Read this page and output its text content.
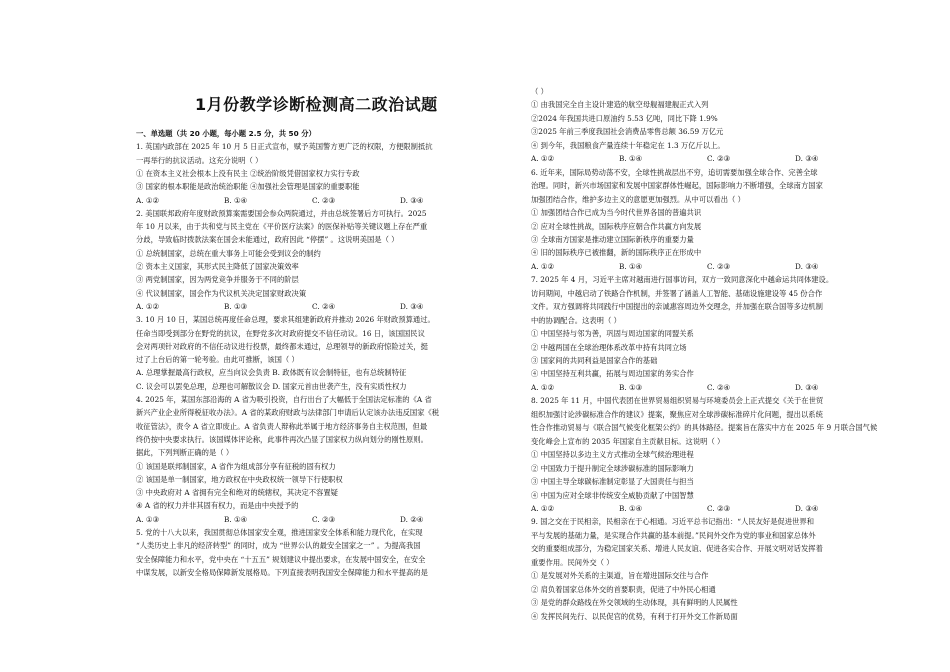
1月份教学诊断检测高二政治试题
一、单选题（共 20 小题，每小题 2.5 分，共 50 分）
1. 英国内政部在 2025 年 10 月 5 日正式宣布，赋予英国警方更广泛的权限，方便限制抵抗
一再举行的抗议活动。这充分说明（ ）
① 在资本主义社会根本上没有民主 ②统治阶级凭借国家权力实行专政
③ 国家的根本职能是政治统治职能 ④加强社会管理是国家的重要职能
A. ①②	B. ①④	C. ②③	D. ③④
2. 美国联邦政府年度财政预算案需要国会参众两院通过，并由总统签署后方可执行。2025
年 10 月以来，由于共和党与民主党在《平价医疗法案》的医保补贴等关键议题上存在严重
分歧，导致临时拨款法案在国会未能通过，政府因此 “停摆” 。这说明美国是（ ）
① 总统制国家，总统在重大事务上可能会受到议会的制约
② 资本主义国家，其形式民主降低了国家决策效率
③ 两党制国家，因为两党竞争并服务于不同的阶层
④ 代议制国家，国会作为代议机关决定国家财政决策
A. ①②	B. ①③	C. ②④	D. ③④
3. 10 月 10 日，某国总统再度任命总理，要求其组建新政府并推动 2026 年财政预算通过。
任命当即受到部分在野党的抗议，在野党多次对政府提交不信任动议。16 日，该国国民议
会对两项针对政府的不信任动议进行投票，最终都未通过，总理领导的新政府惊险过关，挺
过了上台后的第一轮考验。由此可推断，该国（ ）
A. 总理掌握最高行政权，应当向议会负责 B. 政体既有议会制特征，也有总统制特征
C. 议会可以罢免总理，总理也可解散议会 D. 国家元首由世袭产生，没有实质性权力
4. 2025 年，某国东部沿海的 A 省为吸引投资，自行出台了大幅低于全国法定标准的《A 省
新兴产业企业所得税征收办法》。A 省的某政府财政与法律部门申请后认定该办法违反国家《税
收征管法》，责令 A 省立即废止。A 省负责人辩称此举属于地方经济事务自主权范围，但最
终仍按中央要求执行。该国媒体评论称，此事件再次凸显了国家权力纵向划分的刚性原则。
据此，下列判断正确的是（ ）
① 该国是联邦制国家，A 省作为组成部分享有征税的固有权力
② 该国是单一制国家，地方政权在中央政权统一领导下行使职权
③ 中央政府对 A 省拥有完全和绝对的统辖权，其决定不容置疑
④ A 省的权力并非其固有权力，而是由中央授予的
A. ①③	B. ①④	C. ②③	D. ②④
5. 党的十八大以来，我国贯彻总体国家安全观，推进国家安全体系和能力现代化，在实现
“人类历史上非凡的经济转型” 的同时，成为 “世界公认的最安全国家之一” 。为提高我国
安全保障能力和水平，党中央在 “十五五” 规划建议中提出要求，在发展中国安全，在安全
中谋发展，以新安全格局保障新发展格局。下列直接表明我国安全保障能力和水平提高的是
（ ）
① 由我国完全自主设计建造的航空母舰福建舰正式入列
②2024 年我国共进口原油约 5.53 亿吨，同比下降 1.9%
③2025 年前三季度我国社会消费品零售总额 36.59 万亿元
④ 到今年，我国粮食产量连续十年稳定在 1.3 万亿斤以上。
A. ①②	B. ①④	C. ②③	D. ③④
6. 近年来，国际局势动荡不安，全球性挑战层出不穷，追切需要加强全球合作、完善全球
治理。同时，新兴市场国家和发展中国家群体性崛起，国际影响力不断增强，全球南方国家
加强团结合作，维护多边主义的意愿更加强烈。从中可以看出（ ）
① 加强团结合作已成为当今时代世界各国的普遍共识
② 应对全球性挑战，国际秩序应朝合作共赢方向发展
③ 全球南方国家是推动建立国际新秩序的重要力量
④ 旧的国际秩序已被推翻，新的国际秩序正在形成中
A. ①②	B. ①④	C. ②③	D. ③④
7. 2025 年 4 月，习近平主席对越南进行国事访问，双方一致同意深化中越命运共同体建设。
访问期间，中越启动了铁路合作机制，并签署了涵盖人工智能、基础设施建设等 45 份合作
文件。双方强调将共同践行中国提出的亲诚惠容周边外交理念，并加强在联合国等多边机制
中的协调配合。这表明（ ）
① 中国坚持与邻为善，巩固与周边国家的同盟关系
② 中越两国在全球治理体系改革中持有共同立场
③ 国家间的共同利益是国家合作的基础
④ 中国坚持互利共赢，拓展与周边国家的务实合作
A. ①②	B. ①③	C. ②④	D. ③④
8. 2025 年 11 月，中国代表团在世界贸易组织贸易与环境委员会上正式提交《关于在世贸
组织加强讨论涉碳标准合作的建议》提案，聚焦应对全球涉碳标准碎片化问题，提出以系统
性合作推动贸易与《联合国气候变化框架公约》的具体路径。提案旨在落实中方在 2025 年 9 月联合国气候
变化峰会上宣布的 2035 年国家自主贡献目标。这说明（ ）
① 中国坚持以多边主义方式推动全球气候治理进程
② 中国致力于提升制定全球涉碳标准的国际影响力
③ 中国主导全球碳标准制定彰显了大国责任与担当
④ 中国为应对全球非传统安全威胁贡献了中国智慧
A. ①②	B. ①④	C. ②③	D. ③④
9. 国之交在于民相亲，民相亲在于心相通。习近平总书记指出：“人民友好是促进世界和
平与发展的基础力量，是实现合作共赢的基本前提。”民间外交作为党的事业和国家总体外
交的重要组成部分，为稳定国家关系、增进人民友谊、促进各实合作、开展文明对话发挥着
重要作用。民间外交（ ）
① 是发展对外关系的主渠道，旨在增进国际交往与合作
② 肩负着国家总体外交的首要职责，促进了中外民心相通
③ 是党的群众路线在外交领域的生动体现，具有鲜明的人民属性
④ 发挥民间先行、以民促官的优势，有利于打开外交工作新局面
